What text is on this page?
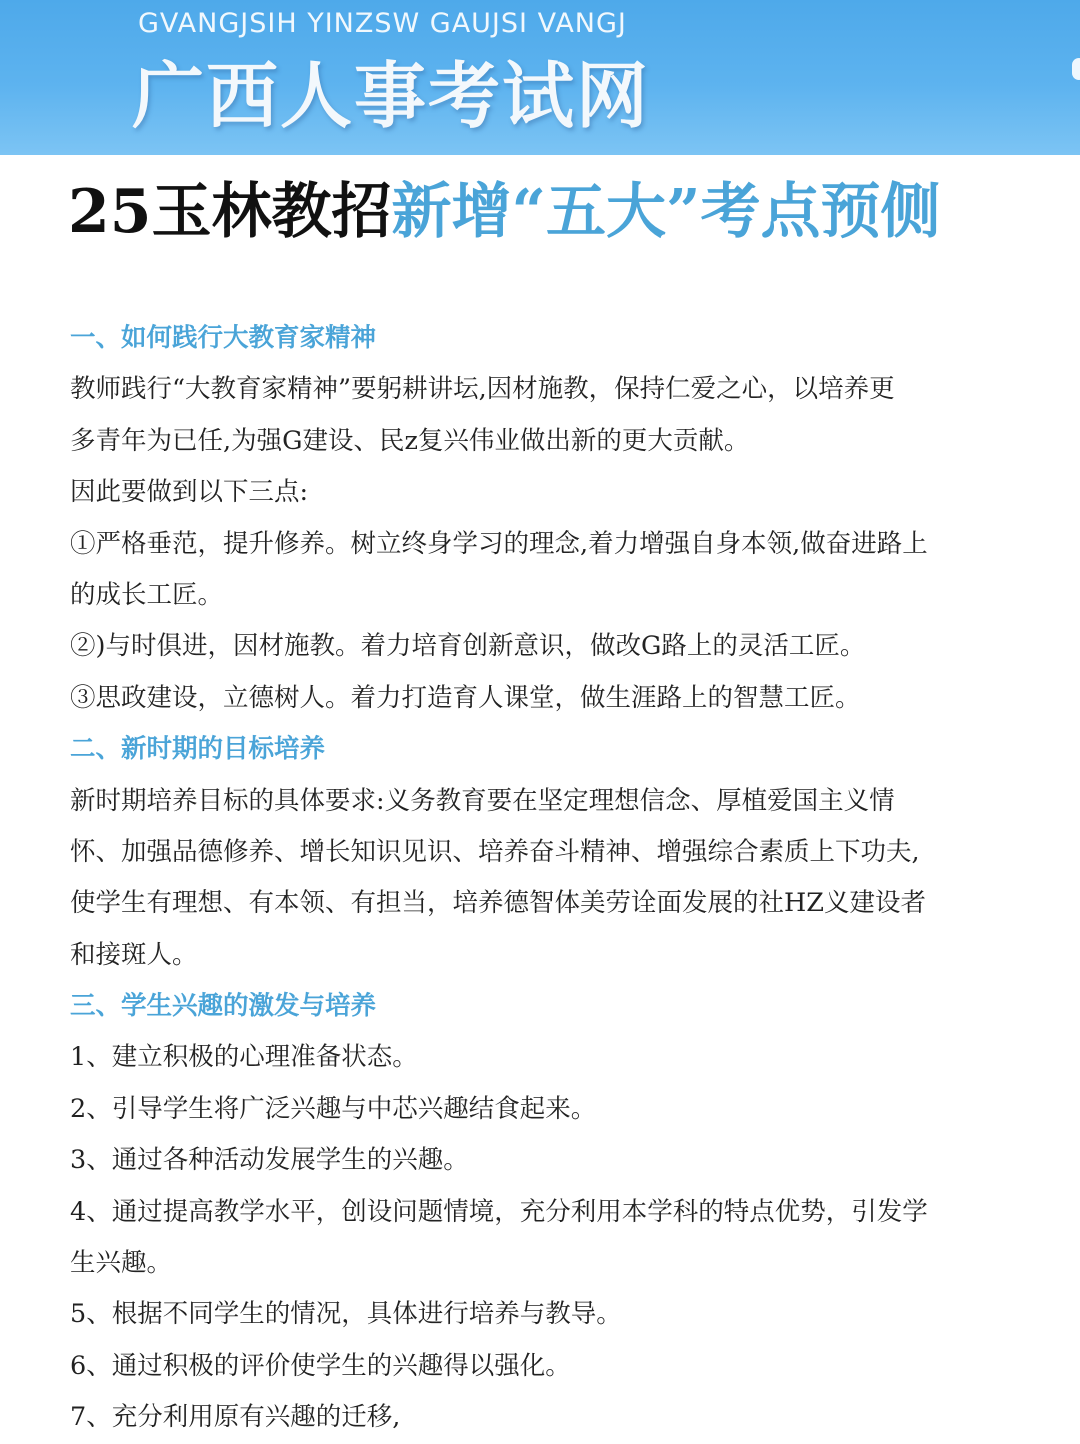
GVANGJSIH YINZSW GAUJSI VANGJ
广西人事考试网
25玉林教招新增“五大”考点预侧
一、如何践行大教育家精神
教师践行“大教育家精神”要躬耕讲坛,因材施教，保持仁爱之心，以培养更
多青年为已任,为强G建设、民z复兴伟业做出新的更大贡献。
因此要做到以下三点:
①严格垂范，提升修养。树立终身学习的理念,着力增强自身本领,做奋进路上
的成长工匠。
②)与时俱进，因材施教。着力培育创新意识，做改G路上的灵活工匠。
③思政建设，立德树人。着力打造育人课堂，做生涯路上的智慧工匠。
二、新时期的目标培养
新时期培养目标的具体要求:义务教育要在坚定理想信念、厚植爱国主义情
怀、加强品德修养、增长知识见识、培养奋斗精神、增强综合素质上下功夫,
使学生有理想、有本领、有担当，培养德智体美劳诠面发展的社HZ义建设者
和接斑人。
三、学生兴趣的激发与培养
1、建立积极的心理准备状态。
2、引导学生将广泛兴趣与中芯兴趣结食起来。
3、通过各种活动发展学生的兴趣。
4、通过提高教学水平，创设问题情境，充分利用本学科的特点优势，引发学
生兴趣。
5、根据不同学生的情况，具体进行培养与教导。
6、通过积极的评价使学生的兴趣得以强化。
7、充分利用原有兴趣的迁移,
